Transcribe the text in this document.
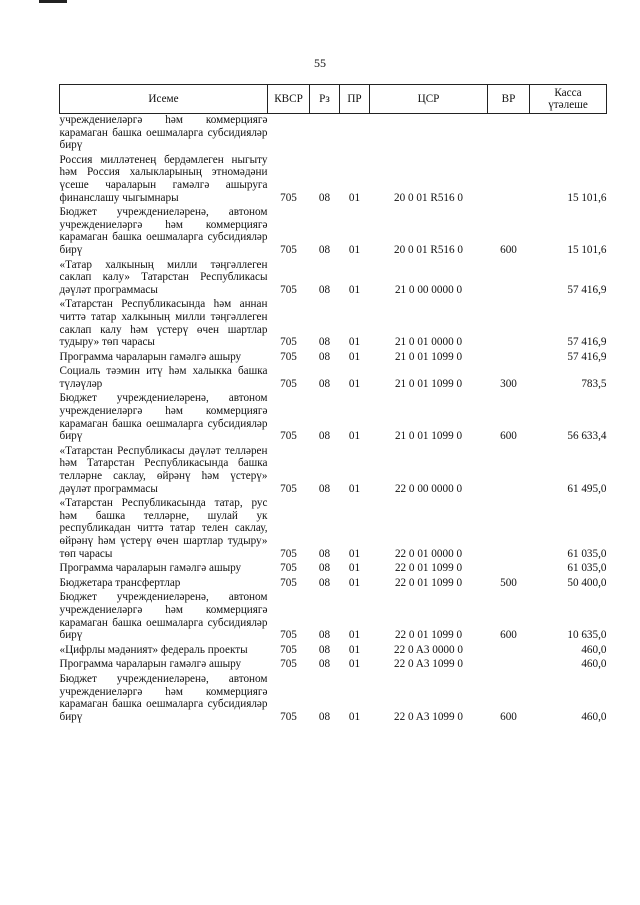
55
Исеме	КВСР	Рз	ПР	ЦСР	ВР	Касса
үтәлеше

учреждениеләргә һәм коммерциягә карамаган башка оешмаларга субсидияләр бирү						
Россия милләтенең бердәмлеген ныгыту һәм Россия халыкларының этномәдәни үсеше чараларын гамәлгә ашыруга финанслашу чыгымнары	705	08	01	20 0 01 R516 0		15 101,6
Бюджет учреждениеләренә, автоном учреждениеләргә һәм коммерциягә карамаган башка оешмаларга субсидияләр бирү	705	08	01	20 0 01 R516 0	600	15 101,6
«Татар халкының милли тәңгәллеген саклап калу» Татарстан Республикасы дәүләт программасы	705	08	01	21 0 00 0000 0		57 416,9
«Татарстан Республикасында һәм аннан читтә татар халкының милли тәңгәллеген саклап калу һәм үстерү өчен шартлар тудыру» төп чарасы	705	08	01	21 0 01 0000 0		57 416,9
Программа чараларын гамәлгә ашыру	705	08	01	21 0 01 1099 0		57 416,9
Социаль тәэмин итү һәм халыкка башка түләүләр	705	08	01	21 0 01 1099 0	300	783,5
Бюджет учреждениеләренә, автоном учреждениеләргә һәм коммерциягә карамаган башка оешмаларга субсидияләр бирү	705	08	01	21 0 01 1099 0	600	56 633,4
«Татарстан Республикасы дәүләт телләрен һәм Татарстан Республикасында башка телләрне саклау, өйрәнү һәм үстерү» дәүләт программасы	705	08	01	22 0 00 0000 0		61 495,0
«Татарстан Республикасында татар, рус һәм башка телләрне, шулай ук республикадан читтә татар телен саклау, өйрәнү һәм үстерү өчен шартлар тудыру» төп чарасы	705	08	01	22 0 01 0000 0		61 035,0
Программа чараларын гамәлгә ашыру	705	08	01	22 0 01 1099 0		61 035,0
Бюджетара трансфертлар	705	08	01	22 0 01 1099 0	500	50 400,0
Бюджет учреждениеләренә, автоном учреждениеләргә һәм коммерциягә карамаган башка оешмаларга субсидияләр бирү	705	08	01	22 0 01 1099 0	600	10 635,0
«Цифрлы мәдәният» федераль проекты	705	08	01	22 0 A3 0000 0		460,0
Программа чараларын гамәлгә ашыру	705	08	01	22 0 A3 1099 0		460,0
Бюджет учреждениеләренә, автоном учреждениеләргә һәм коммерциягә карамаган башка оешмаларга субсидияләр бирү	705	08	01	22 0 A3 1099 0	600	460,0
